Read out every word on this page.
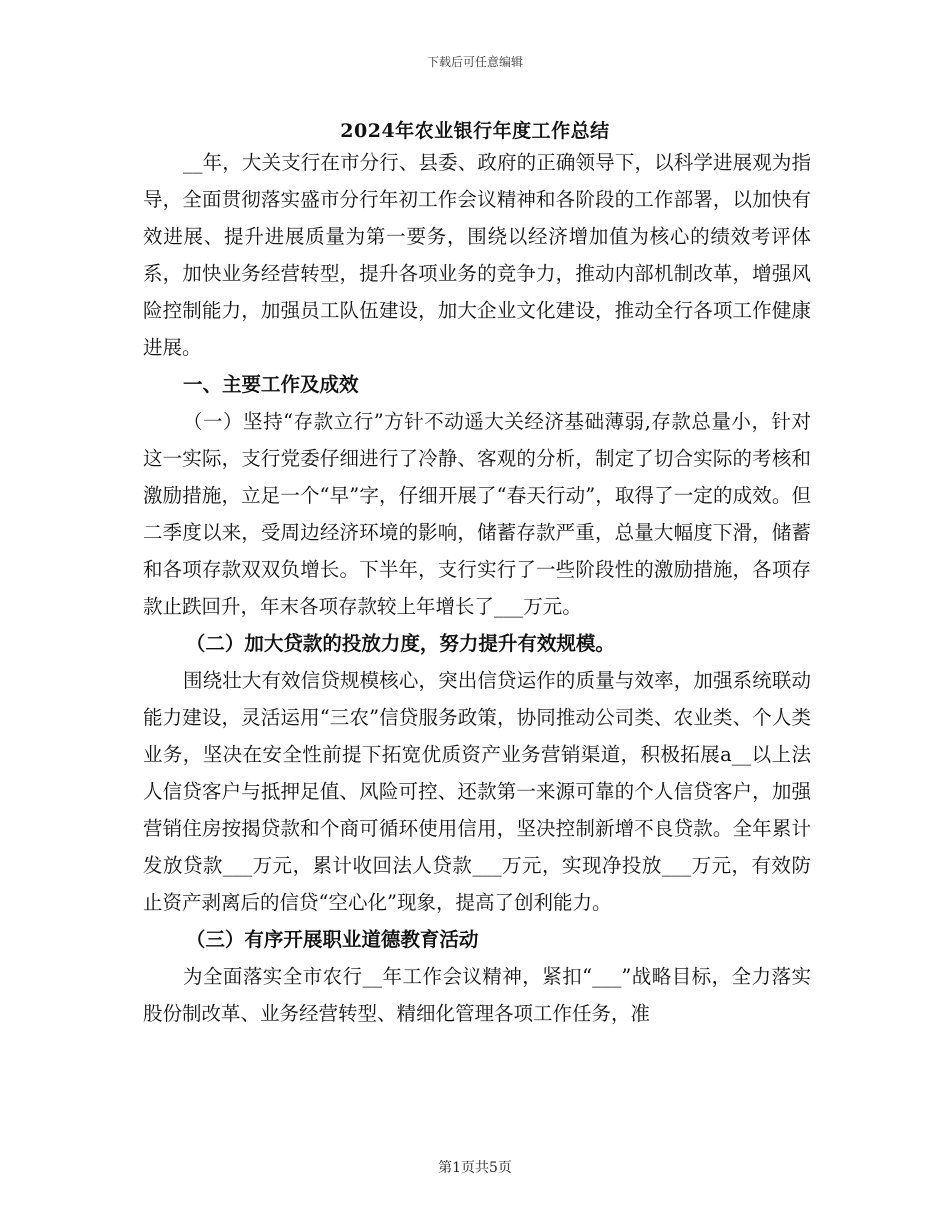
下载后可任意编辑
2024年农业银行年度工作总结

__年，大关支行在市分行、县委、政府的正确领导下，以科学进展观为指导，全面贯彻落实盛市分行年初工作会议精神和各阶段的工作部署，以加快有效进展、提升进展质量为第一要务，围绕以经济增加值为核心的绩效考评体系，加快业务经营转型，提升各项业务的竞争力，推动内部机制改革，增强风险控制能力，加强员工队伍建设，加大企业文化建设，推动全行各项工作健康进展。

一、主要工作及成效

（一）坚持“存款立行”方针不动遥大关经济基础薄弱,存款总量小，针对这一实际，支行党委仔细进行了冷静、客观的分析，制定了切合实际的考核和激励措施，立足一个“早”字，仔细开展了“春天行动”，取得了一定的成效。但二季度以来，受周边经济环境的影响，储蓄存款严重，总量大幅度下滑，储蓄和各项存款双双负增长。下半年，支行实行了一些阶段性的激励措施，各项存款止跌回升，年末各项存款较上年增长了___万元。

（二）加大贷款的投放力度，努力提升有效规模。

围绕壮大有效信贷规模核心，突出信贷运作的质量与效率，加强系统联动能力建设，灵活运用“三农”信贷服务政策，协同推动公司类、农业类、个人类业务，坚决在安全性前提下拓宽优质资产业务营销渠道，积极拓展a__以上法人信贷客户与抵押足值、风险可控、还款第一来源可靠的个人信贷客户，加强营销住房按揭贷款和个商可循环使用信用，坚决控制新增不良贷款。全年累计发放贷款___万元，累计收回法人贷款___万元，实现净投放___万元，有效防止资产剥离后的信贷“空心化”现象，提高了创利能力。

（三）有序开展职业道德教育活动

为全面落实全市农行__年工作会议精神，紧扣“___”战略目标，全力落实股份制改革、业务经营转型、精细化管理各项工作任务，准

第1页共5页
